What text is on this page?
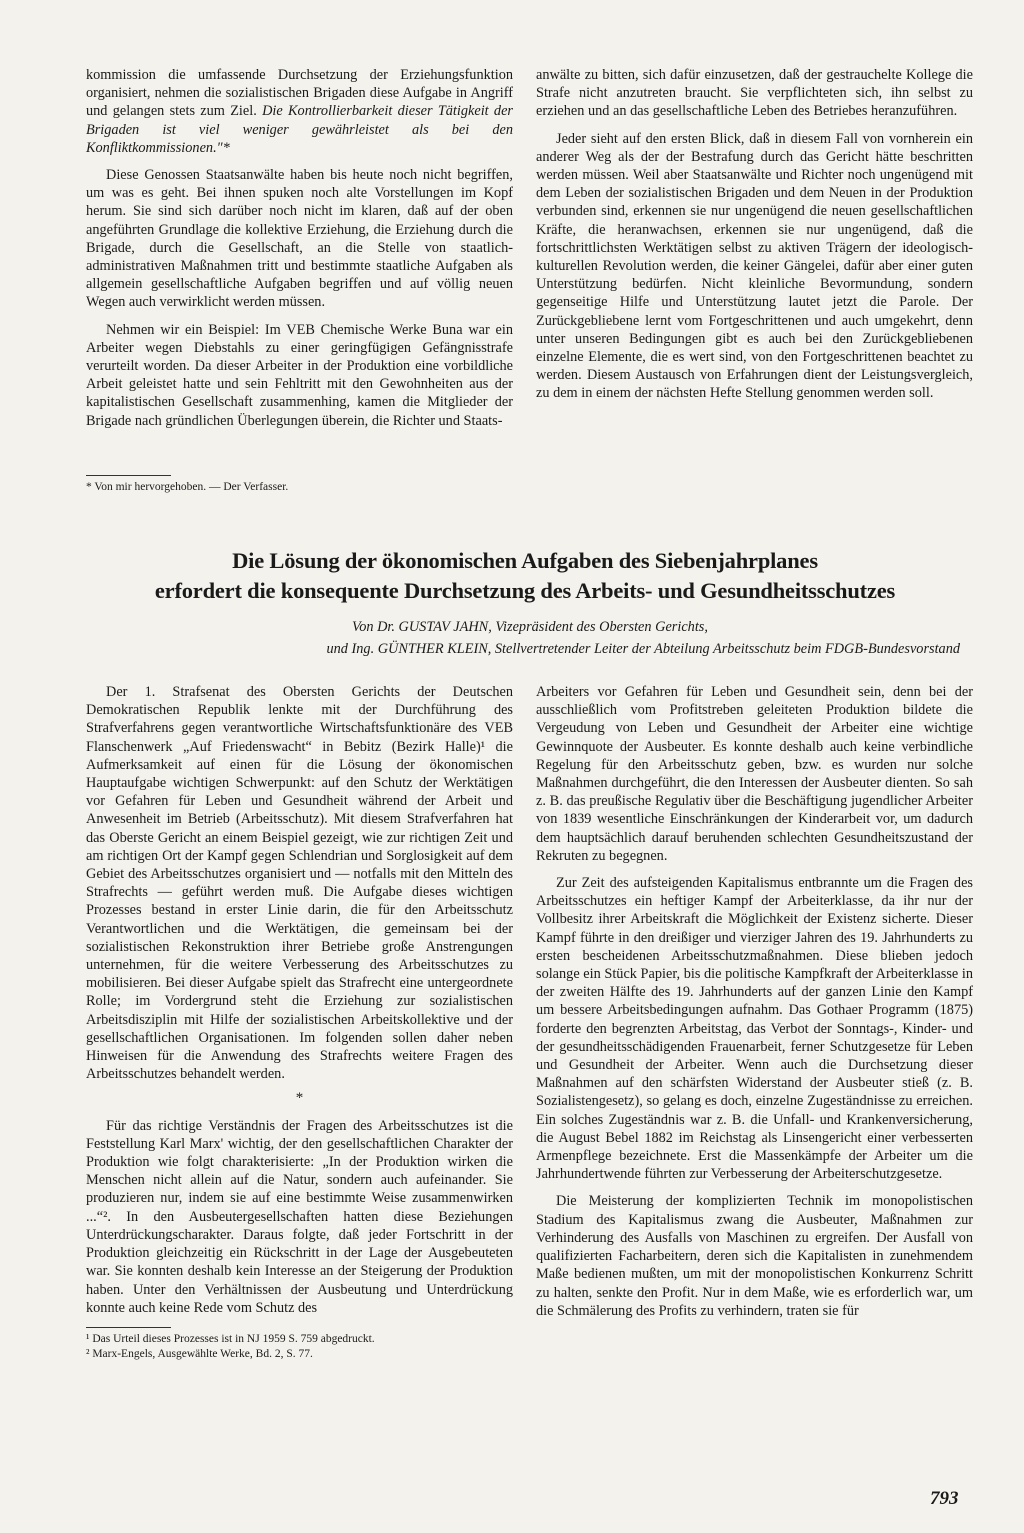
kommission die umfassende Durchsetzung der Erziehungsfunktion organisiert, nehmen die sozialistischen Brigaden diese Aufgabe in Angriff und gelangen stets zum Ziel. Die Kontrollierbarkeit dieser Tätigkeit der Brigaden ist viel weniger gewährleistet als bei den Konfliktkommissionen."*

Diese Genossen Staatsanwälte haben bis heute noch nicht begriffen, um was es geht. Bei ihnen spuken noch alte Vorstellungen im Kopf herum. Sie sind sich darüber noch nicht im klaren, daß auf der oben angeführten Grundlage die kollektive Erziehung, die Erziehung durch die Brigade, durch die Gesellschaft, an die Stelle von staatlich-administrativen Maßnahmen tritt und bestimmte staatliche Aufgaben als allgemein gesellschaftliche Aufgaben begriffen und auf völlig neuen Wegen auch verwirklicht werden müssen.

Nehmen wir ein Beispiel: Im VEB Chemische Werke Buna war ein Arbeiter wegen Diebstahls zu einer geringfügigen Gefängnisstrafe verurteilt worden. Da dieser Arbeiter in der Produktion eine vorbildliche Arbeit geleistet hatte und sein Fehltritt mit den Gewohnheiten aus der kapitalistischen Gesellschaft zusammenhing, kamen die Mitglieder der Brigade nach gründlichen Überlegungen überein, die Richter und Staats-

* Von mir hervorgehoben. — Der Verfasser.

anwälte zu bitten, sich dafür einzusetzen, daß der gestrauchelte Kollege die Strafe nicht anzutreten braucht. Sie verpflichteten sich, ihn selbst zu erziehen und an das gesellschaftliche Leben des Betriebes heranzuführen.

Jeder sieht auf den ersten Blick, daß in diesem Fall von vornherein ein anderer Weg als der der Bestrafung durch das Gericht hätte beschritten werden müssen. Weil aber Staatsanwälte und Richter noch ungenügend mit dem Leben der sozialistischen Brigaden und dem Neuen in der Produktion verbunden sind, erkennen sie nur ungenügend die neuen gesellschaftlichen Kräfte, die heranwachsen, erkennen sie nur ungenügend, daß die fortschrittlichsten Werktätigen selbst zu aktiven Trägern der ideologisch-kulturellen Revolution werden, die keiner Gängelei, dafür aber einer guten Unterstützung bedürfen. Nicht kleinliche Bevormundung, sondern gegenseitige Hilfe und Unterstützung lautet jetzt die Parole. Der Zurückgebliebene lernt vom Fortgeschrittenen und auch umgekehrt, denn unter unseren Bedingungen gibt es auch bei den Zurückgebliebenen einzelne Elemente, die es wert sind, von den Fortgeschrittenen beachtet zu werden. Diesem Austausch von Erfahrungen dient der Leistungsvergleich, zu dem in einem der nächsten Hefte Stellung genommen werden soll.

Die Lösung der ökonomischen Aufgaben des Siebenjahrplanes
erfordert die konsequente Durchsetzung des Arbeits- und Gesundheitsschutzes
Von Dr. GUSTAV JAHN, Vizepräsident des Obersten Gerichts,
und Ing. GÜNTHER KLEIN, Stellvertretender Leiter der Abteilung Arbeitsschutz beim FDGB-Bundesvorstand

Der 1. Strafsenat des Obersten Gerichts der Deutschen Demokratischen Republik lenkte mit der Durchführung des Strafverfahrens gegen verantwortliche Wirtschaftsfunktionäre des VEB Flanschenwerk „Auf Friedenswacht“ in Bebitz (Bezirk Halle)¹ die Aufmerksamkeit auf einen für die Lösung der ökonomischen Hauptaufgabe wichtigen Schwerpunkt: auf den Schutz der Werktätigen vor Gefahren für Leben und Gesundheit während der Arbeit und Anwesenheit im Betrieb (Arbeitsschutz). Mit diesem Strafverfahren hat das Oberste Gericht an einem Beispiel gezeigt, wie zur richtigen Zeit und am richtigen Ort der Kampf gegen Schlendrian und Sorglosigkeit auf dem Gebiet des Arbeitsschutzes organisiert und — notfalls mit den Mitteln des Strafrechts — geführt werden muß. Die Aufgabe dieses wichtigen Prozesses bestand in erster Linie darin, die für den Arbeitsschutz Verantwortlichen und die Werktätigen, die gemeinsam bei der sozialistischen Rekonstruktion ihrer Betriebe große Anstrengungen unternehmen, für die weitere Verbesserung des Arbeitsschutzes zu mobilisieren. Bei dieser Aufgabe spielt das Strafrecht eine untergeordnete Rolle; im Vordergrund steht die Erziehung zur sozialistischen Arbeitsdisziplin mit Hilfe der sozialistischen Arbeitskollektive und der gesellschaftlichen Organisationen. Im folgenden sollen daher neben Hinweisen für die Anwendung des Strafrechts weitere Fragen des Arbeitsschutzes behandelt werden.

*

Für das richtige Verständnis der Fragen des Arbeitsschutzes ist die Feststellung Karl Marx' wichtig, der den gesellschaftlichen Charakter der Produktion wie folgt charakterisierte: „In der Produktion wirken die Menschen nicht allein auf die Natur, sondern auch aufeinander. Sie produzieren nur, indem sie auf eine bestimmte Weise zusammenwirken ...“². In den Ausbeutergesellschaften hatten diese Beziehungen Unterdrückungscharakter. Daraus folgte, daß jeder Fortschritt in der Produktion gleichzeitig ein Rückschritt in der Lage der Ausgebeuteten war. Sie konnten deshalb kein Interesse an der Steigerung der Produktion haben. Unter den Verhältnissen der Ausbeutung und Unterdrückung konnte auch keine Rede vom Schutz des

¹ Das Urteil dieses Prozesses ist in NJ 1959 S. 759 abgedruckt.

² Marx-Engels, Ausgewählte Werke, Bd. 2, S. 77.

Arbeiters vor Gefahren für Leben und Gesundheit sein, denn bei der ausschließlich vom Profitstreben geleiteten Produktion bildete die Vergeudung von Leben und Gesundheit der Arbeiter eine wichtige Gewinnquote der Ausbeuter. Es konnte deshalb auch keine verbindliche Regelung für den Arbeitsschutz geben, bzw. es wurden nur solche Maßnahmen durchgeführt, die den Interessen der Ausbeuter dienten. So sah z. B. das preußische Regulativ über die Beschäftigung jugendlicher Arbeiter von 1839 wesentliche Einschränkungen der Kinderarbeit vor, um dadurch dem hauptsächlich darauf beruhenden schlechten Gesundheitszustand der Rekruten zu begegnen.

Zur Zeit des aufsteigenden Kapitalismus entbrannte um die Fragen des Arbeitsschutzes ein heftiger Kampf der Arbeiterklasse, da ihr nur der Vollbesitz ihrer Arbeitskraft die Möglichkeit der Existenz sicherte. Dieser Kampf führte in den dreißiger und vierziger Jahren des 19. Jahrhunderts zu ersten bescheidenen Arbeitsschutzmaßnahmen. Diese blieben jedoch solange ein Stück Papier, bis die politische Kampfkraft der Arbeiterklasse in der zweiten Hälfte des 19. Jahrhunderts auf der ganzen Linie den Kampf um bessere Arbeitsbedingungen aufnahm. Das Gothaer Programm (1875) forderte den begrenzten Arbeitstag, das Verbot der Sonntags-, Kinder- und der gesundheitsschädigenden Frauenarbeit, ferner Schutzgesetze für Leben und Gesundheit der Arbeiter. Wenn auch die Durchsetzung dieser Maßnahmen auf den schärfsten Widerstand der Ausbeuter stieß (z. B. Sozialistengesetz), so gelang es doch, einzelne Zugeständnisse zu erreichen. Ein solches Zugeständnis war z. B. die Unfall- und Krankenversicherung, die August Bebel 1882 im Reichstag als Linsengericht einer verbesserten Armenpflege bezeichnete. Erst die Massenkämpfe der Arbeiter um die Jahrhundertwende führten zur Verbesserung der Arbeiterschutzgesetze.

Die Meisterung der komplizierten Technik im monopolistischen Stadium des Kapitalismus zwang die Ausbeuter, Maßnahmen zur Verhinderung des Ausfalls von Maschinen zu ergreifen. Der Ausfall von qualifizierten Facharbeitern, deren sich die Kapitalisten in zunehmendem Maße bedienen mußten, um mit der monopolistischen Konkurrenz Schritt zu halten, senkte den Profit. Nur in dem Maße, wie es erforderlich war, um die Schmälerung des Profits zu verhindern, traten sie für

793
